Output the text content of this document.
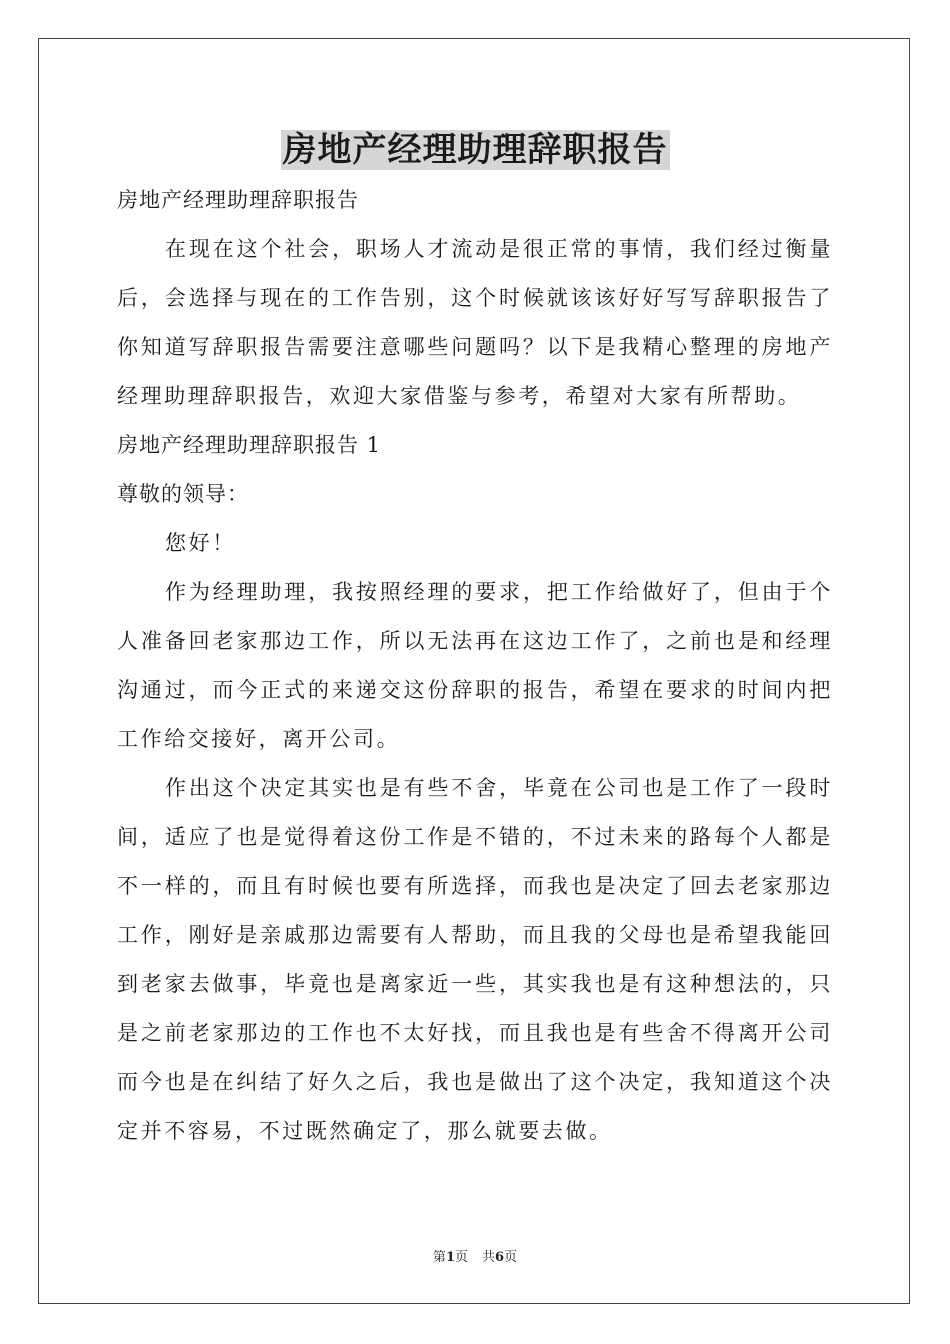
房地产经理助理辞职报告

房地产经理助理辞职报告

在现在这个社会，职场人才流动是很正常的事情，我们经过衡量后，会选择与现在的工作告别，这个时候就该该好好写写辞职报告了你知道写辞职报告需要注意哪些问题吗？以下是我精心整理的房地产经理助理辞职报告，欢迎大家借鉴与参考，希望对大家有所帮助。

房地产经理助理辞职报告 1

尊敬的领导：

您好！

作为经理助理，我按照经理的要求，把工作给做好了，但由于个人准备回老家那边工作，所以无法再在这边工作了，之前也是和经理沟通过，而今正式的来递交这份辞职的报告，希望在要求的时间内把工作给交接好，离开公司。

作出这个决定其实也是有些不舍，毕竟在公司也是工作了一段时间，适应了也是觉得着这份工作是不错的，不过未来的路每个人都是不一样的，而且有时候也要有所选择，而我也是决定了回去老家那边工作，刚好是亲戚那边需要有人帮助，而且我的父母也是希望我能回到老家去做事，毕竟也是离家近一些，其实我也是有这种想法的，只是之前老家那边的工作也不太好找，而且我也是有些舍不得离开公司而今也是在纠结了好久之后，我也是做出了这个决定，我知道这个决定并不容易，不过既然确定了，那么就要去做。

第1页 共6页
